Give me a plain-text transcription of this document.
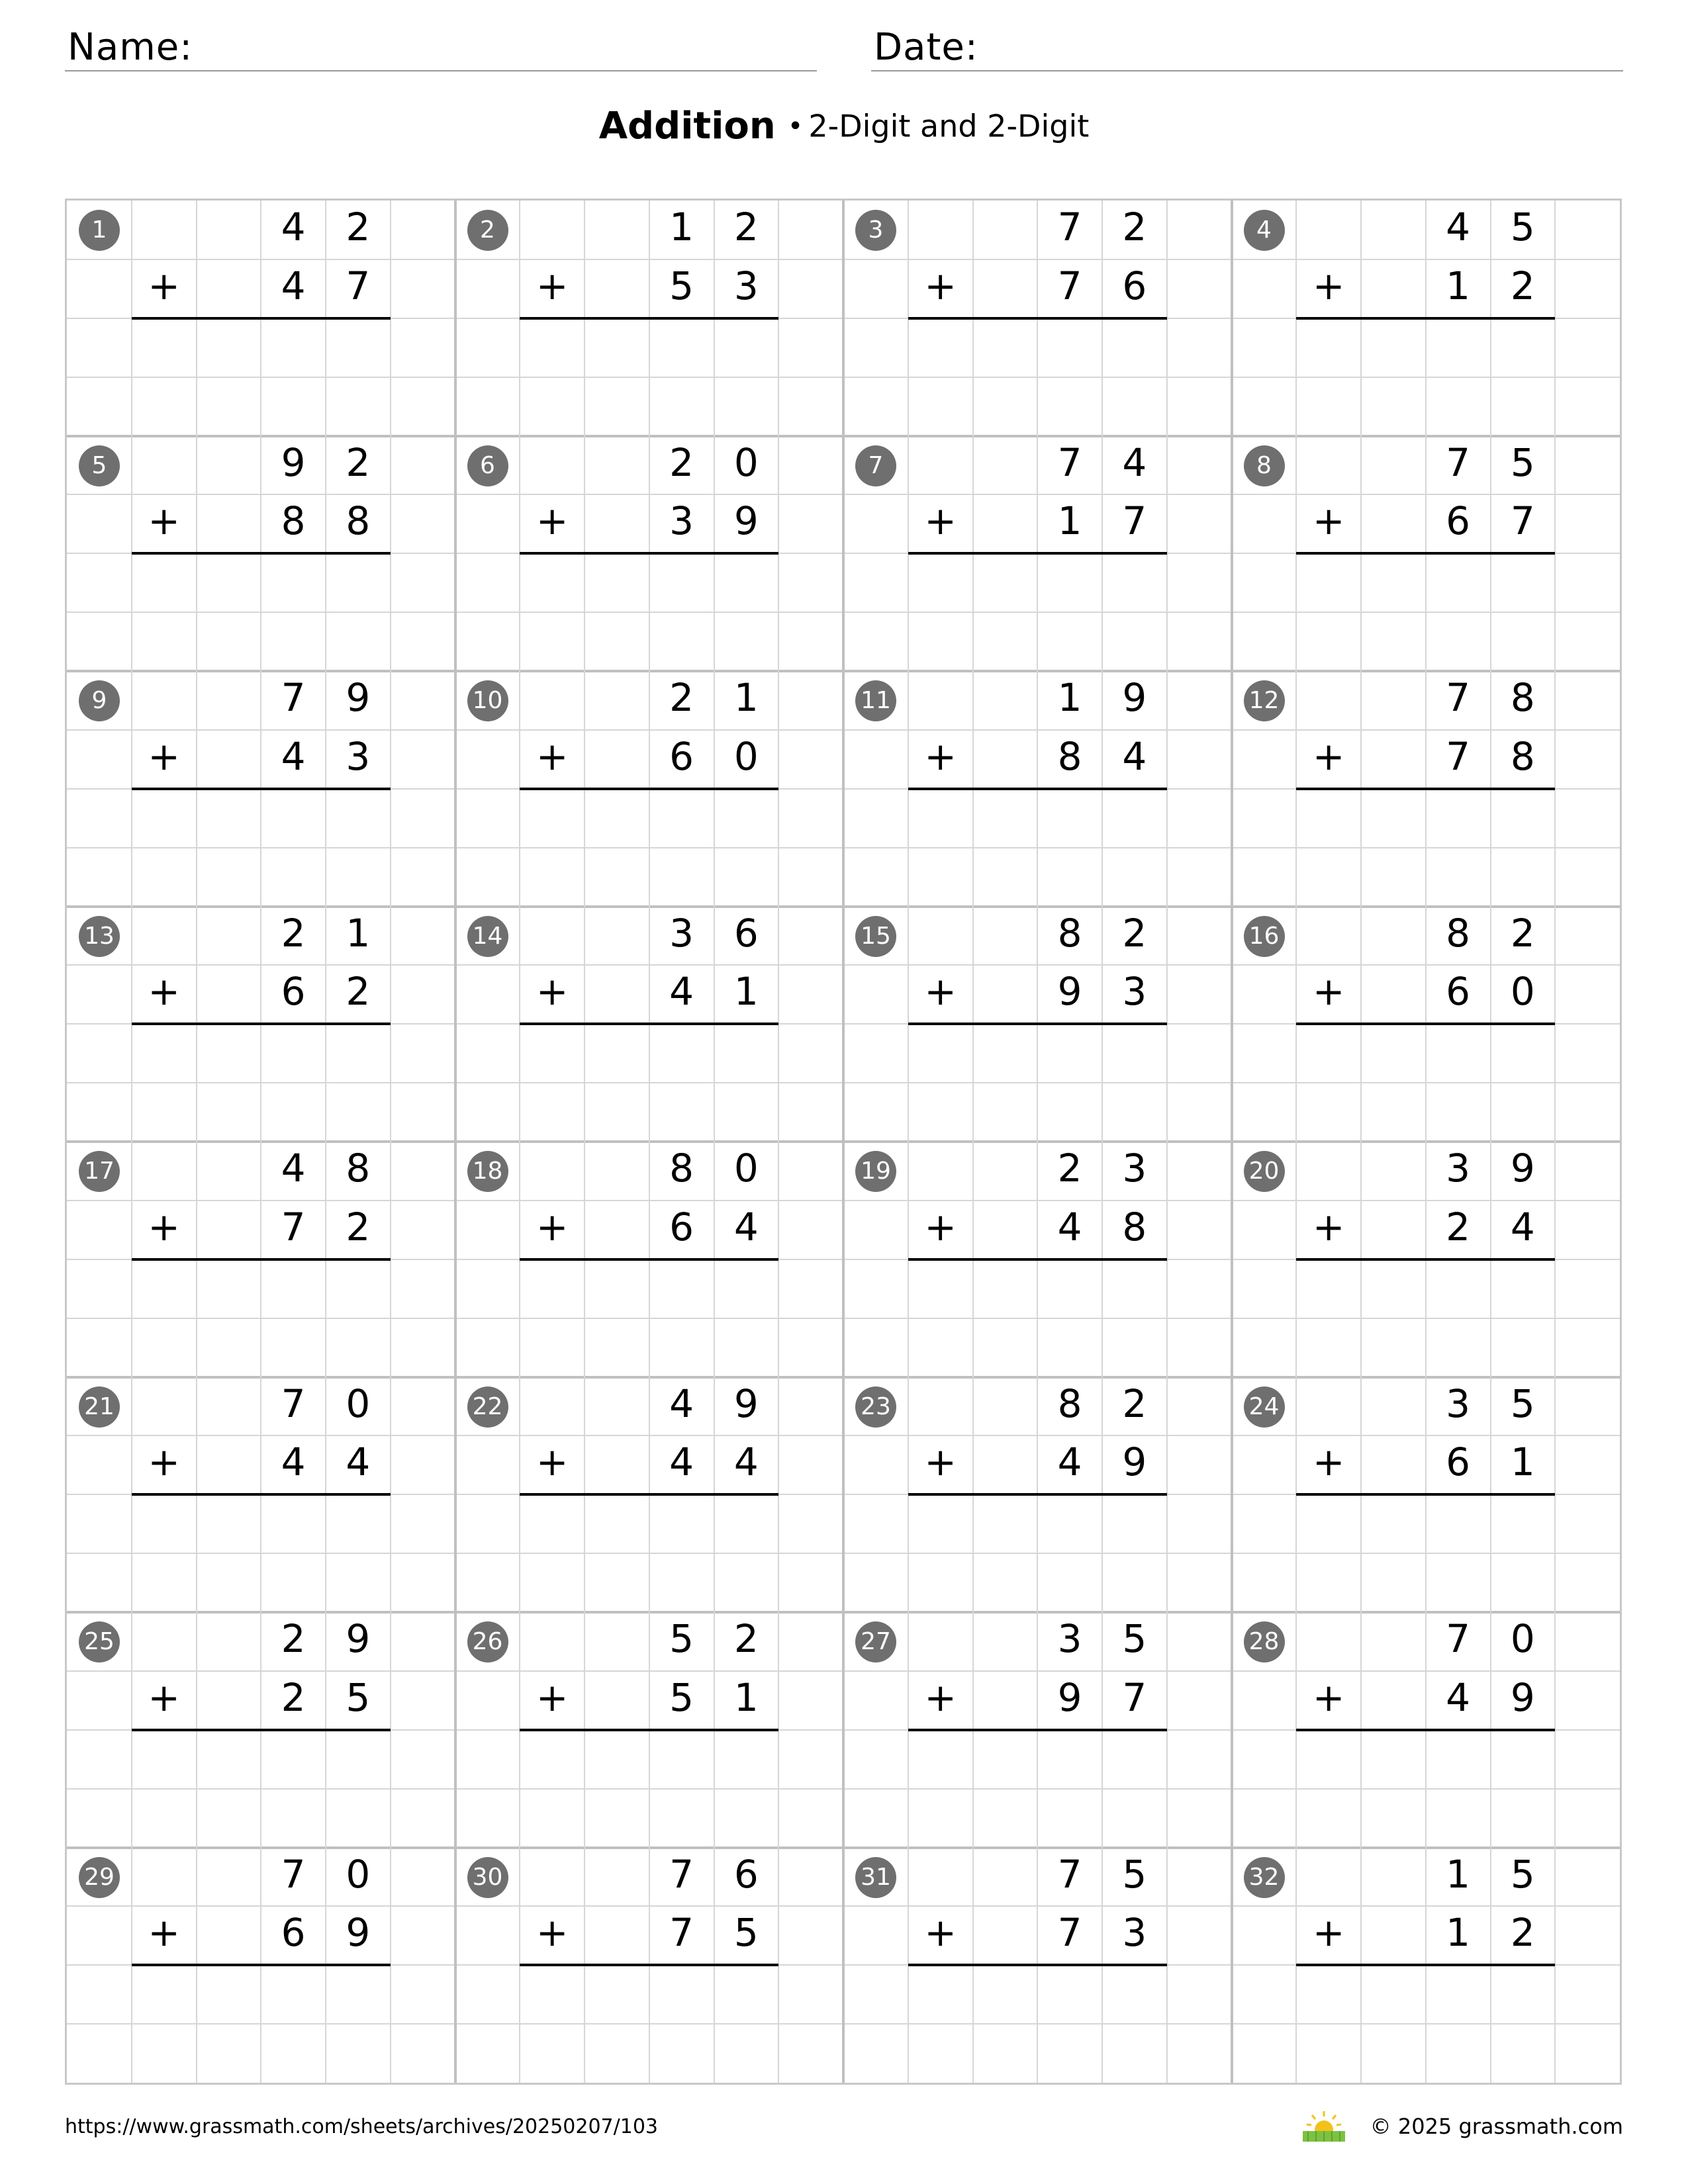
Name:	Date:
Addition • 2-Digit and 2-Digit
1	4	2
+	4	7
2	1	2
+	5	3
3	7	2
+	7	6
4	4	5
+	1	2
5	9	2
+	8	8
6	2	0
+	3	9
7	7	4
+	1	7
8	7	5
+	6	7
9	7	9
+	4	3
10	2	1
+	6	0
11	1	9
+	8	4
12	7	8
+	7	8
13	2	1
+	6	2
14	3	6
+	4	1
15	8	2
+	9	3
16	8	2
+	6	0
17	4	8
+	7	2
18	8	0
+	6	4
19	2	3
+	4	8
20	3	9
+	2	4
21	7	0
+	4	4
22	4	9
+	4	4
23	8	2
+	4	9
24	3	5
+	6	1
25	2	9
+	2	5
26	5	2
+	5	1
27	3	5
+	9	7
28	7	0
+	4	9
29	7	0
+	6	9
30	7	6
+	7	5
31	7	5
+	7	3
32	1	5
+	1	2
https://www.grassmath.com/sheets/archives/20250207/103	© 2025 grassmath.com
